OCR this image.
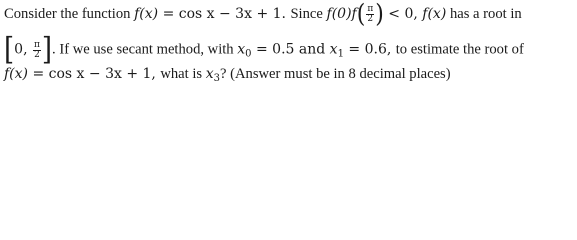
Consider the function f(x) = cos x − 3x + 1. Since $f(0)f( \frac{\pi}{2}$ ) < 0, f(x) has a root in
[0, $\frac{\pi}{2}$ ]. If we use secant method, with $x_0 = 0.5$ and $x_1 = 0.6$, to estimate the root of
f(x) = cos x − 3x + 1, what is $x_3$? (Answer must be in 8 decimal places)
